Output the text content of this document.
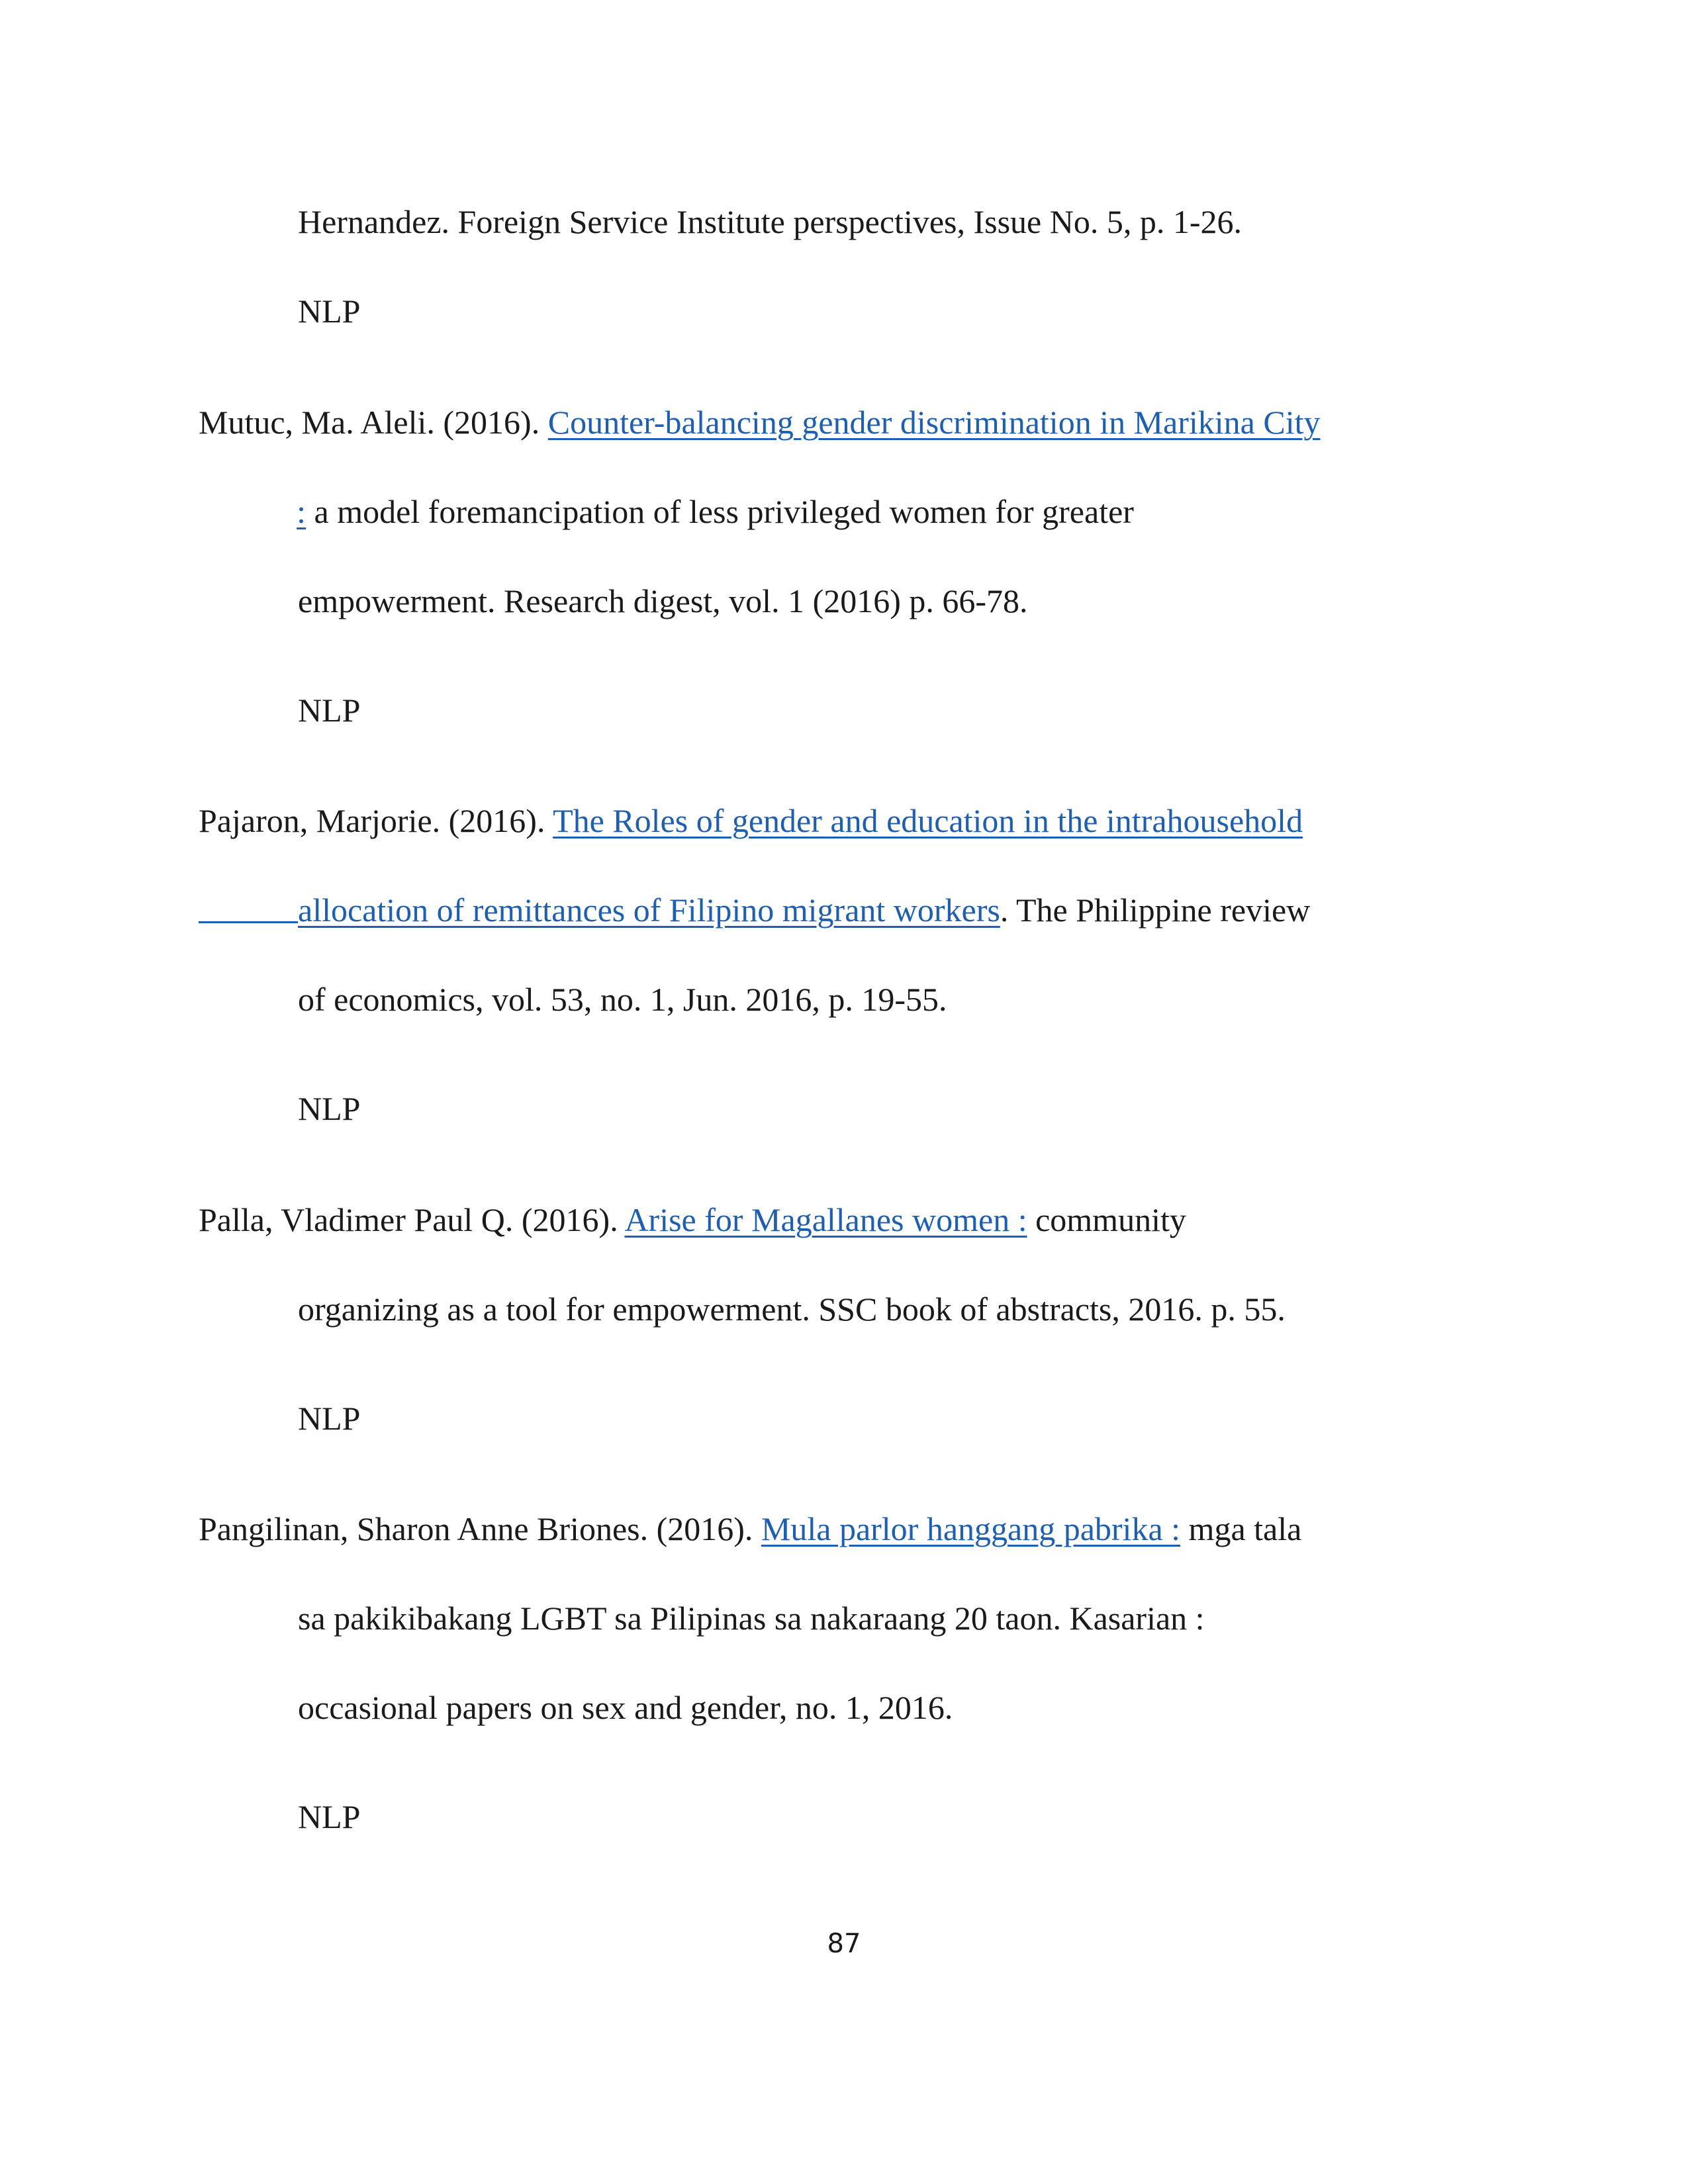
Hernandez. Foreign Service Institute perspectives, Issue No. 5, p. 1-26.
NLP
Mutuc, Ma. Aleli. (2016). Counter-balancing gender discrimination in Marikina City
: a model foremancipation of less privileged women for greater
empowerment. Research digest, vol. 1 (2016) p. 66-78.
NLP
Pajaron, Marjorie. (2016). The Roles of gender and education in the intrahousehold
allocation of remittances of Filipino migrant workers. The Philippine review
of economics, vol. 53, no. 1, Jun. 2016, p. 19-55.
NLP
Palla, Vladimer Paul Q. (2016). Arise for Magallanes women : community
organizing as a tool for empowerment. SSC book of abstracts, 2016. p. 55.
NLP
Pangilinan, Sharon Anne Briones. (2016). Mula parlor hanggang pabrika : mga tala
sa pakikibakang LGBT sa Pilipinas sa nakaraang 20 taon. Kasarian :
occasional papers on sex and gender, no. 1, 2016.
NLP
87
